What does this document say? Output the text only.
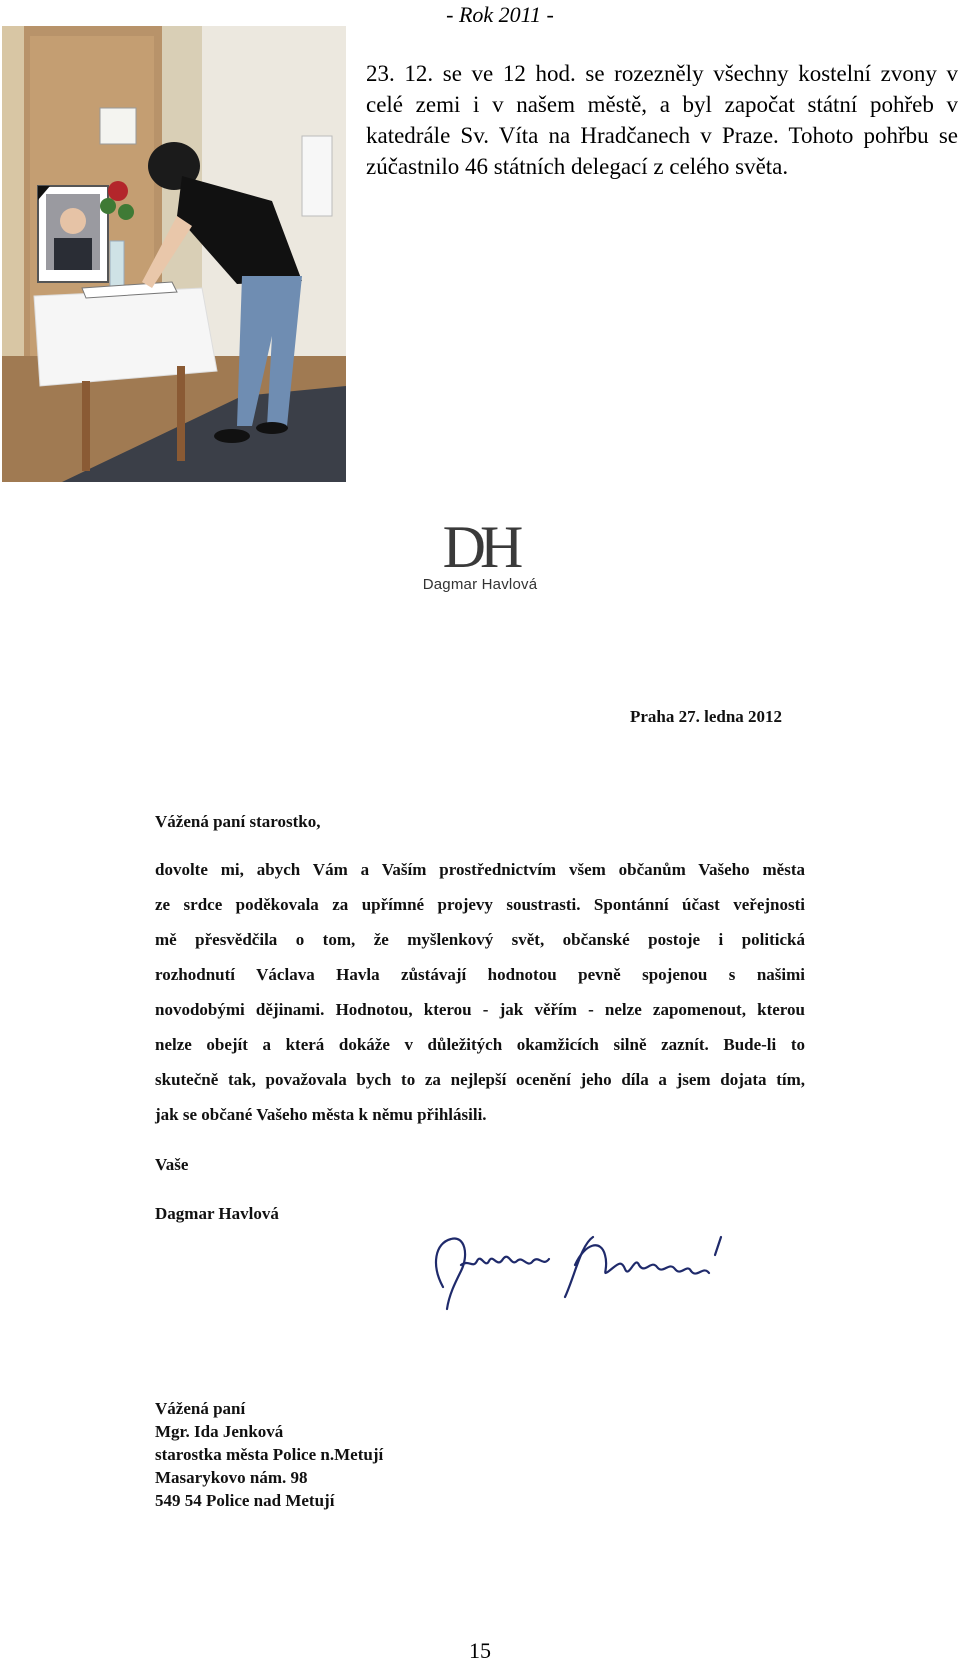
- Rok 2011 -

23. 12. se ve 12 hod. se rozezněly všechny kostelní zvony v celé zemi i v našem městě, a byl započat státní pohřeb v katedrále Sv. Víta na Hradčanech v Praze. Tohoto pohřbu se zúčastnilo 46 státních delegací z celého světa.

DH
Dagmar Havlová
Praha 27. ledna 2012
Vážená paní starostko,
dovolte mi, abych Vám a Vaším prostřednictvím všem občanům Vašeho města
ze srdce poděkovala za upřímné projevy soustrasti. Spontánní účast veřejnosti
mě přesvědčila o tom, že myšlenkový svět, občanské postoje i politická
rozhodnutí Václava Havla zůstávají hodnotou pevně spojenou s našimi
novodobými dějinami. Hodnotou, kterou - jak věřím - nelze zapomenout, kterou
nelze obejít a která dokáže v důležitých okamžicích silně zaznít. Bude-li to
skutečně tak, považovala bych to za nejlepší ocenění jeho díla a jsem dojata tím,
jak se občané Vašeho města k němu přihlásili.
Vaše
Dagmar Havlová
Vážená paní
Mgr. Ida Jenková
starostka města Police n.Metují
Masarykovo nám. 98
549 54 Police nad Metují
15
